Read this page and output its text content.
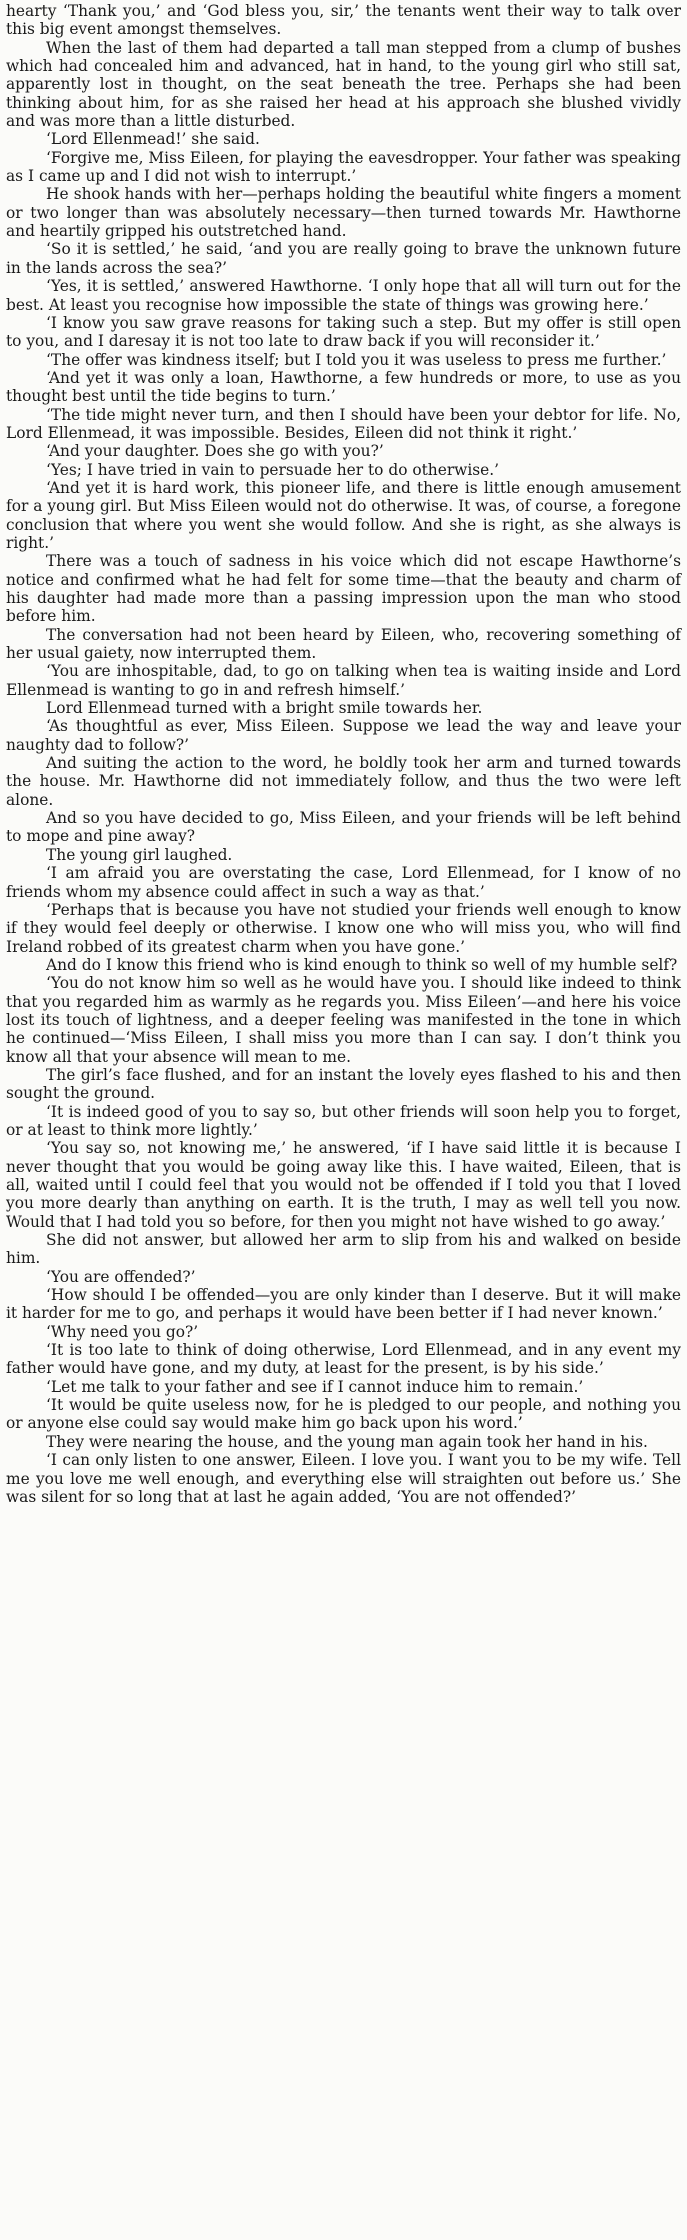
hearty ‘Thank you,’ and ‘God bless you, sir,’ the tenants went their way to talk over this big event amongst themselves.

When the last of them had departed a tall man stepped from a clump of bushes which had concealed him and advanced, hat in hand, to the young girl who still sat, apparently lost in thought, on the seat beneath the tree. Perhaps she had been thinking about him, for as she raised her head at his approach she blushed vividly and was more than a little disturbed.

‘Lord Ellenmead!’ she said.

‘Forgive me, Miss Eileen, for playing the eavesdropper. Your father was speaking as I came up and I did not wish to interrupt.’

He shook hands with her—perhaps holding the beautiful white fingers a moment or two longer than was absolutely necessary—then turned towards Mr. Hawthorne and heartily gripped his outstretched hand.

‘So it is settled,’ he said, ‘and you are really going to brave the unknown future in the lands across the sea?’

‘Yes, it is settled,’ answered Hawthorne. ‘I only hope that all will turn out for the best. At least you recognise how impossible the state of things was growing here.’

‘I know you saw grave reasons for taking such a step. But my offer is still open to you, and I daresay it is not too late to draw back if you will reconsider it.’

‘The offer was kindness itself; but I told you it was useless to press me further.’

‘And yet it was only a loan, Hawthorne, a few hundreds or more, to use as you thought best until the tide begins to turn.’

‘The tide might never turn, and then I should have been your debtor for life. No, Lord Ellenmead, it was impossible. Besides, Eileen did not think it right.’

‘And your daughter. Does she go with you?’

‘Yes; I have tried in vain to persuade her to do otherwise.’

‘And yet it is hard work, this pioneer life, and there is little enough amusement for a young girl. But Miss Eileen would not do otherwise. It was, of course, a foregone conclusion that where you went she would follow. And she is right, as she always is right.’

There was a touch of sadness in his voice which did not escape Hawthorne’s notice and confirmed what he had felt for some time—that the beauty and charm of his daughter had made more than a passing impression upon the man who stood before him.

The conversation had not been heard by Eileen, who, recovering something of her usual gaiety, now interrupted them.

‘You are inhospitable, dad, to go on talking when tea is waiting inside and Lord Ellenmead is wanting to go in and refresh himself.’

Lord Ellenmead turned with a bright smile towards her.

‘As thoughtful as ever, Miss Eileen. Suppose we lead the way and leave your naughty dad to follow?’

And suiting the action to the word, he boldly took her arm and turned towards the house. Mr. Hawthorne did not immediately follow, and thus the two were left alone.

And so you have decided to go, Miss Eileen, and your friends will be left behind to mope and pine away?

The young girl laughed.

‘I am afraid you are overstating the case, Lord Ellenmead, for I know of no friends whom my absence could affect in such a way as that.’

‘Perhaps that is because you have not studied your friends well enough to know if they would feel deeply or otherwise. I know one who will miss you, who will find Ireland robbed of its greatest charm when you have gone.’

And do I know this friend who is kind enough to think so well of my humble self?

‘You do not know him so well as he would have you. I should like indeed to think that you regarded him as warmly as he regards you. Miss Eileen’—and here his voice lost its touch of lightness, and a deeper feeling was manifested in the tone in which he continued—‘Miss Eileen, I shall miss you more than I can say. I don’t think you know all that your absence will mean to me.

The girl’s face flushed, and for an instant the lovely eyes flashed to his and then sought the ground.

‘It is indeed good of you to say so, but other friends will soon help you to forget, or at least to think more lightly.’

‘You say so, not knowing me,’ he answered, ‘if I have said little it is because I never thought that you would be going away like this. I have waited, Eileen, that is all, waited until I could feel that you would not be offended if I told you that I loved you more dearly than anything on earth. It is the truth, I may as well tell you now. Would that I had told you so before, for then you might not have wished to go away.’

She did not answer, but allowed her arm to slip from his and walked on beside him.

‘You are offended?’

‘How should I be offended—you are only kinder than I deserve. But it will make it harder for me to go, and perhaps it would have been better if I had never known.’

‘Why need you go?’

‘It is too late to think of doing otherwise, Lord Ellenmead, and in any event my father would have gone, and my duty, at least for the present, is by his side.’

‘Let me talk to your father and see if I cannot induce him to remain.’

‘It would be quite useless now, for he is pledged to our people, and nothing you or anyone else could say would make him go back upon his word.’

They were nearing the house, and the young man again took her hand in his.

‘I can only listen to one answer, Eileen. I love you. I want you to be my wife. Tell me you love me well enough, and everything else will straighten out before us.’ She was silent for so long that at last he again added, ‘You are not offended?’
